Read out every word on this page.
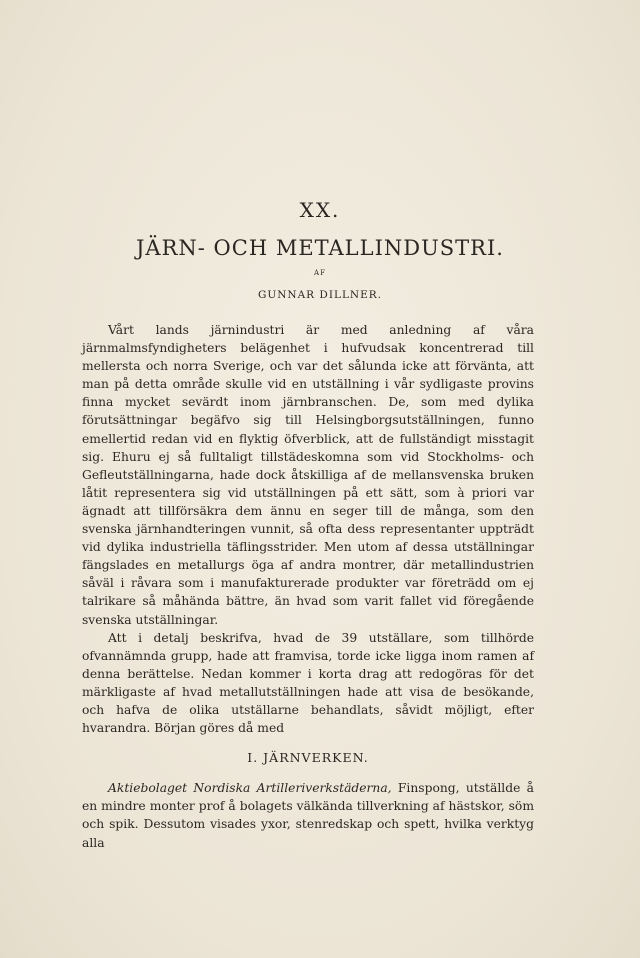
XX.
JÄRN- OCH METALLINDUSTRI.
AF
GUNNAR DILLNER.

Vårt lands järnindustri är med anledning af våra järnmalmsfyndigheters belägenhet i hufvudsak koncentrerad till mellersta och norra Sverige, och var det sålunda icke att förvänta, att man på detta område skulle vid en utställning i vår sydligaste provins finna mycket sevärdt inom järnbranschen. De, som med dylika förutsättningar begäfvo sig till Helsingborgsutställningen, funno emellertid redan vid en flyktig öfverblick, att de fullständigt misstagit sig. Ehuru ej så fulltaligt tillstädeskomna som vid Stockholms- och Gefleutställningarna, hade dock åtskilliga af de mellansvenska bruken låtit representera sig vid utställningen på ett sätt, som à priori var ägnadt att tillförsäkra dem ännu en seger till de många, som den svenska järnhandteringen vunnit, så ofta dess representanter uppträdt vid dylika industriella täflingsstrider. Men utom af dessa utställningar fängslades en metallurgs öga af andra montrer, där metallindustrien såväl i råvara som i manufakturerade produkter var företrädd om ej talrikare så måhända bättre, än hvad som varit fallet vid föregående svenska utställningar.

Att i detalj beskrifva, hvad de 39 utställare, som tillhörde ofvannämnda grupp, hade att framvisa, torde icke ligga inom ramen af denna berättelse. Nedan kommer i korta drag att redogöras för det märkligaste af hvad metallutställningen hade att visa de besökande, och hafva de olika utställarne behandlats, såvidt möjligt, efter hvarandra. Början göres då med

I. JÄRNVERKEN.

Aktiebolaget Nordiska Artilleriverkstäderna, Finspong, utställde å en mindre monter prof å bolagets välkända tillverkning af hästskor, söm och spik. Dessutom visades yxor, stenredskap och spett, hvilka verktyg alla
